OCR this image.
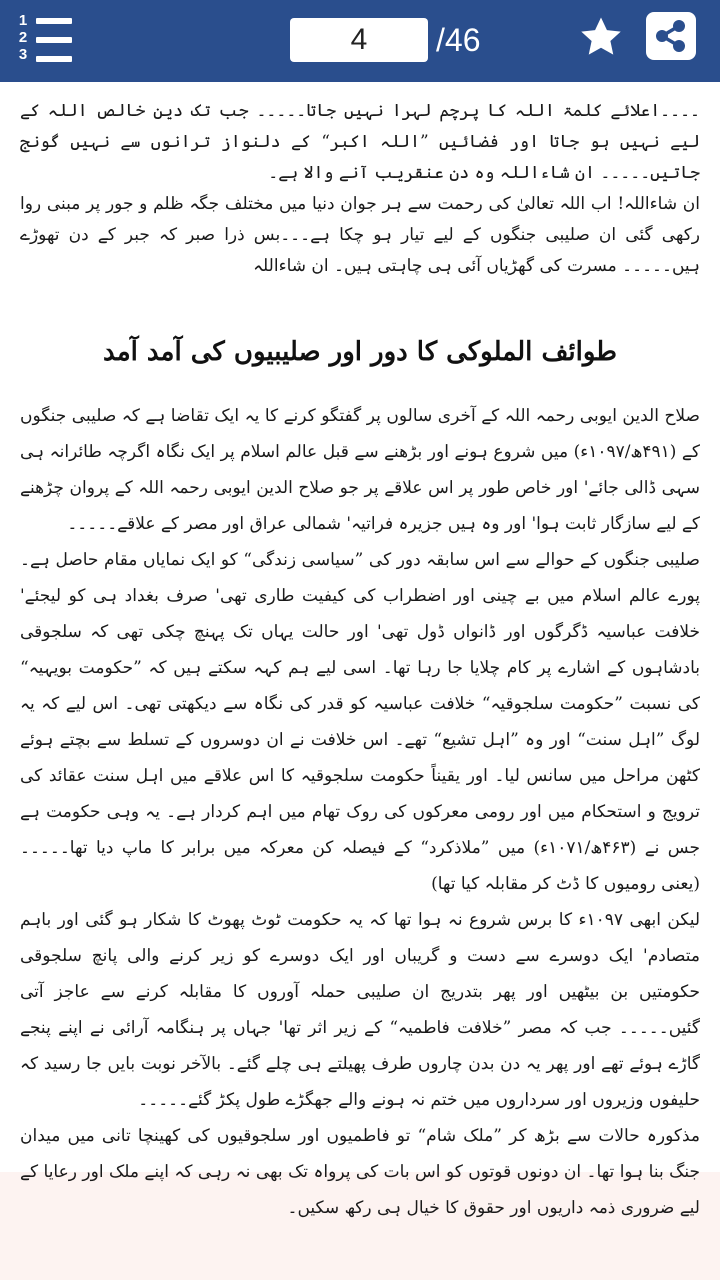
1
2
3	4 /46

۔۔۔۔اعلائے کلمۃ اللہ کا پرچم لہرا نہیں جاتا۔۔۔۔۔ جب تک دین خالص اللہ کے لیے نہیں ہو جاتا اور فضائیں ”اللہ اکبر“ کے دلنواز ترانوں سے نہیں گونج جاتیں۔۔۔۔۔ ان شاءاللہ وہ دن عنقریب آنے والا ہے۔

ان شاءاللہ! اب اللہ تعالیٰ کی رحمت سے ہر جوان دنیا میں مختلف جگہ ظلم و جور پر مبنی روا رکھی گئی ان صلیبی جنگوں کے لیے تیار ہو چکا ہے۔۔۔بس ذرا صبر کہ جبر کے دن تھوڑے ہیں۔۔۔۔۔ مسرت کی گھڑیاں آئی ہی چاہتی ہیں۔ ان شاءاللہ

طوائف الملوکی کا دور اور صلیبیوں کی آمد آمد

صلاح الدین ایوبی رحمہ اللہ کے آخری سالوں پر گفتگو کرنے کا یہ ایک تقاضا ہے کہ صلیبی جنگوں کے (۴۹۱ھ/۱۰۹۷ء) میں شروع ہونے اور بڑھنے سے قبل عالم اسلام پر ایک نگاہ اگرچہ طائرانہ ہی سہی ڈالی جائے' اور خاص طور پر اس علاقے پر جو صلاح الدین ایوبی رحمہ اللہ کے پروان چڑھنے کے لیے سازگار ثابت ہوا' اور وہ ہیں جزیرہ فراتیہ' شمالی عراق اور مصر کے علاقے۔۔۔۔۔

صلیبی جنگوں کے حوالے سے اس سابقہ دور کی ”سیاسی زندگی“ کو ایک نمایاں مقام حاصل ہے۔ پورے عالم اسلام میں بے چینی اور اضطراب کی کیفیت طاری تھی' صرف بغداد ہی کو لیجئے' خلافت عباسیہ ڈگرگوں اور ڈانواں ڈول تھی' اور حالت یہاں تک پہنچ چکی تھی کہ سلجوقی بادشاہوں کے اشارے پر کام چلایا جا رہا تھا۔ اسی لیے ہم کہہ سکتے ہیں کہ ”حکومت بویہیہ“ کی نسبت ”حکومت سلجوقیہ“ خلافت عباسیہ کو قدر کی نگاہ سے دیکھتی تھی۔ اس لیے کہ یہ لوگ ”اہل سنت“ اور وہ ”اہل تشیع“ تھے۔ اس خلافت نے ان دوسروں کے تسلط سے بچتے ہوئے کٹھن مراحل میں سانس لیا۔ اور یقیناً حکومت سلجوقیہ کا اس علاقے میں اہل سنت عقائد کی ترویج و استحکام میں اور رومی معرکوں کی روک تھام میں اہم کردار ہے۔ یہ وہی حکومت ہے جس نے (۴۶۳ھ/۱۰۷۱ء) میں ”ملاذکرد“ کے فیصلہ کن معرکہ میں برابر کا ماپ دیا تھا۔۔۔۔۔ (یعنی رومیوں کا ڈٹ کر مقابلہ کیا تھا)

لیکن ابھی ۱۰۹۷ء کا برس شروع نہ ہوا تھا کہ یہ حکومت ٹوٹ پھوٹ کا شکار ہو گئی اور باہم متصادم' ایک دوسرے سے دست و گریباں اور ایک دوسرے کو زیر کرنے والی پانچ سلجوقی حکومتیں بن بیٹھیں اور پھر بتدریج ان صلیبی حملہ آوروں کا مقابلہ کرنے سے عاجز آتی گئیں۔۔۔۔۔ جب کہ مصر ”خلافت فاطمیہ“ کے زیر اثر تھا' جہاں پر ہنگامہ آرائی نے اپنے پنجے گاڑے ہوئے تھے اور پھر یہ دن بدن چاروں طرف پھیلتے ہی چلے گئے۔ بالآخر نوبت بایں جا رسید کہ حلیفوں وزیروں اور سرداروں میں ختم نہ ہونے والے جھگڑے طول پکڑ گئے۔۔۔۔۔

مذکورہ حالات سے بڑھ کر ”ملک شام“ تو فاطمیوں اور سلجوقیوں کی کھینچا تانی میں میدان جنگ بنا ہوا تھا۔ ان دونوں قوتوں کو اس بات کی پرواہ تک بھی نہ رہی کہ اپنے ملک اور رعایا کے لیے ضروری ذمہ داریوں اور حقوق کا خیال ہی رکھ سکیں۔
